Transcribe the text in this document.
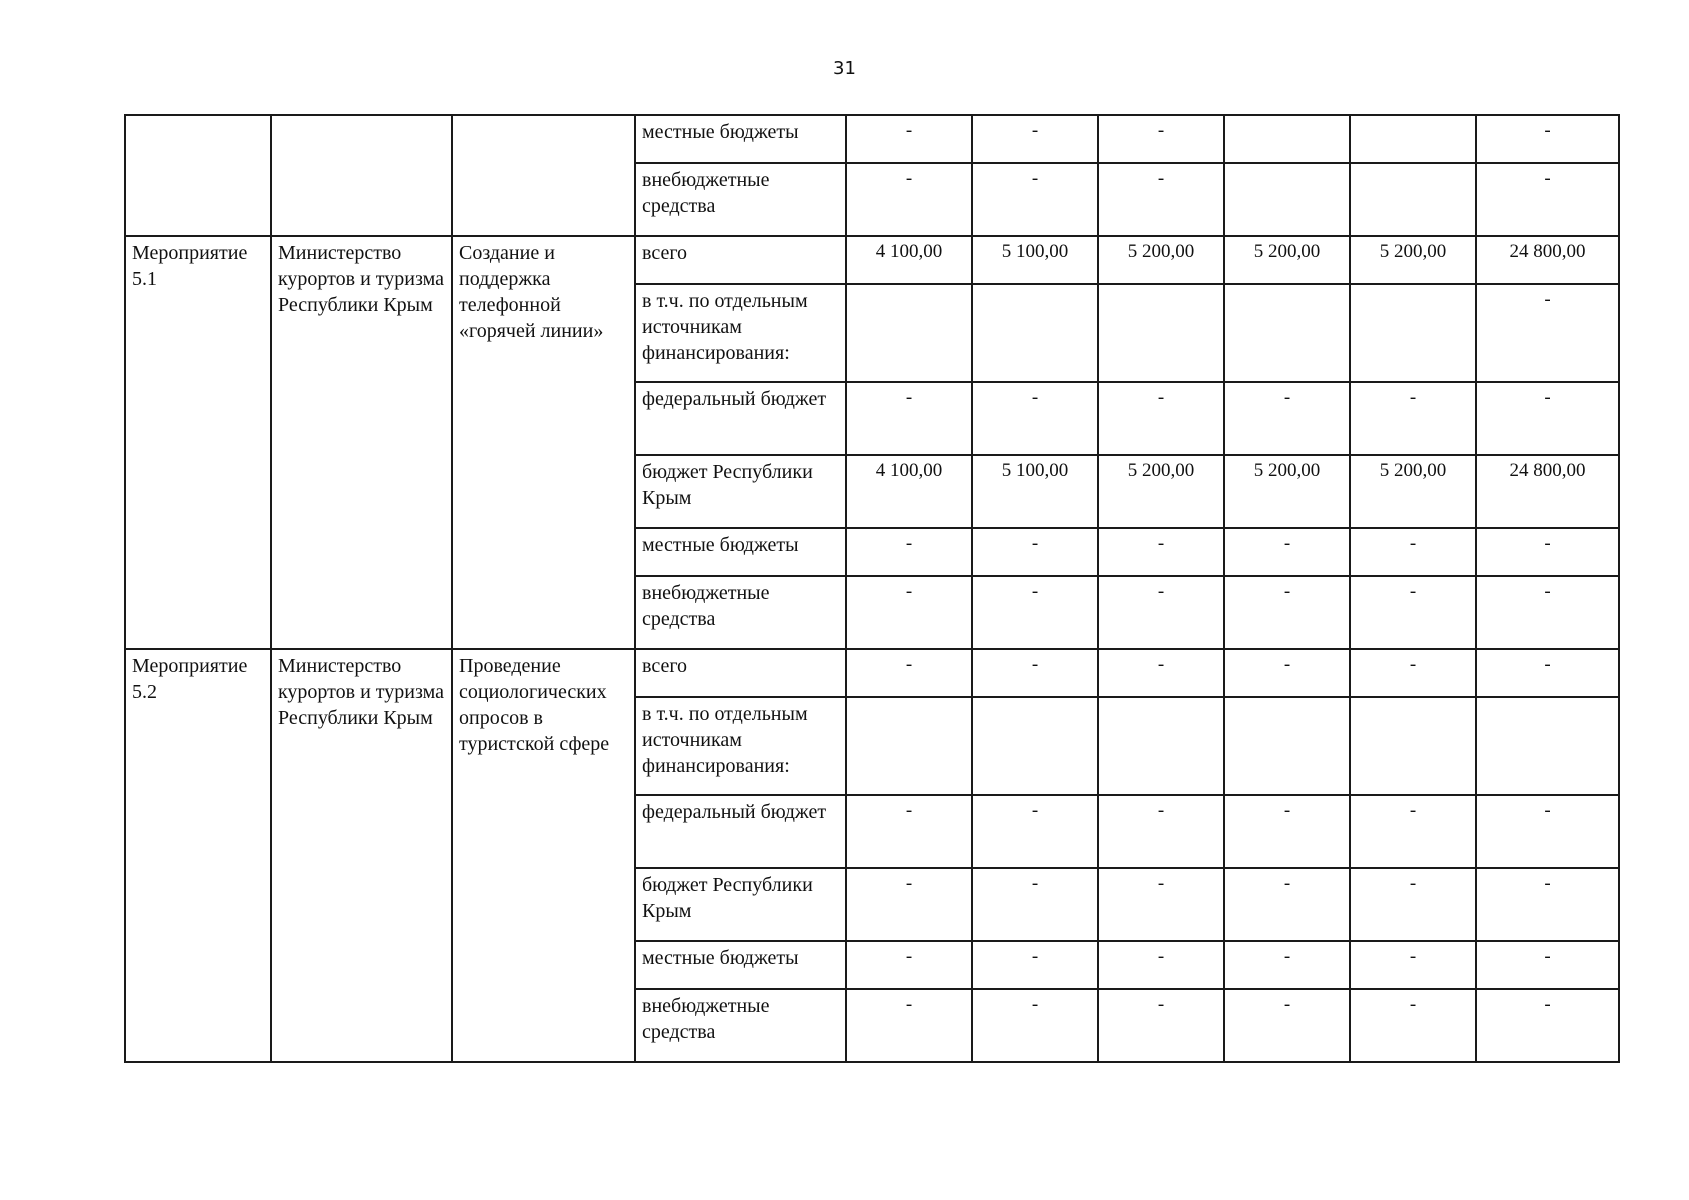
31
			местные бюджеты	-	-	-			-
			внебюджетные средства	-	-	-			-
Мероприятие 5.1	Министерство курортов и туризма Республики Крым	Создание и поддержка телефонной «горячей линии»	всего	4 100,00	5 100,00	5 200,00	5 200,00	5 200,00	24 800,00
			в т.ч. по отдельным источникам финансирования:						-
			федеральный бюджет	-	-	-	-	-	-
			бюджет Республики Крым	4 100,00	5 100,00	5 200,00	5 200,00	5 200,00	24 800,00
			местные бюджеты	-	-	-	-	-	-
			внебюджетные средства	-	-	-	-	-	-
Мероприятие 5.2	Министерство курортов и туризма Республики Крым	Проведение социологических опросов в туристской сфере	всего	-	-	-	-	-	-
			в т.ч. по отдельным источникам финансирования:						
			федеральный бюджет	-	-	-	-	-	-
			бюджет Республики Крым	-	-	-	-	-	-
			местные бюджеты	-	-	-	-	-	-
			внебюджетные средства	-	-	-	-	-	-
